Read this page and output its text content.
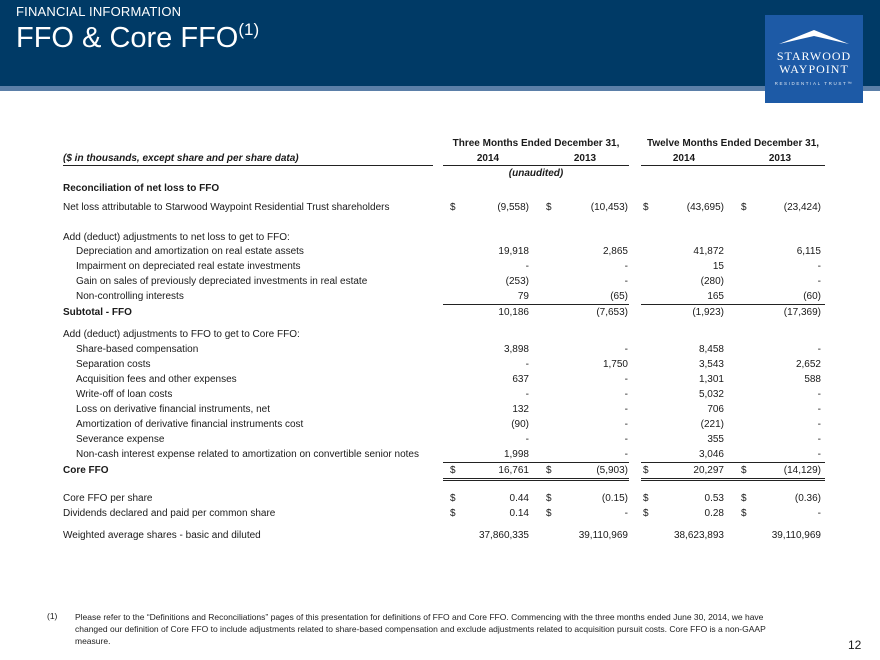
FINANCIAL INFORMATION
FFO & Core FFO$^{(1)}$
STARWOOD
WAYPOINT
RESIDENTIAL TRUST™
Three Months Ended December 31,	Twelve Months Ended December 31,
($ in thousands, except share and per share data)	2014	2013	2014	2013
(unaudited)
Reconciliation of net loss to FFO
Net loss attributable to Starwood Waypoint Residential Trust shareholders	$	(9,558) $	(10,453) $	(43,695) $	(23,424)
Add (deduct) adjustments to net loss to get to FFO:
Depreciation and amortization on real estate assets	19,918	2,865	41,872	6,115
Impairment on depreciated real estate investments	-	-	15	-
Gain on sales of previously depreciated investments in real estate	(253)	-	(280)	-
Non-controlling interests	79	(65)	165	(60)
Subtotal - FFO	10,186	(7,653)	(1,923)	(17,369)
Add (deduct) adjustments to FFO to get to Core FFO:
Share-based compensation	3,898	-	8,458	-
Separation costs	-	1,750	3,543	2,652
Acquisition fees and other expenses	637	-	1,301	588
Write-off of loan costs	-	-	5,032	-
Loss on derivative financial instruments, net	132	-	706	-
Amortization of derivative financial instruments cost	(90)	-	(221)	-
Severance expense	-	-	355	-
Non-cash interest expense related to amortization on convertible senior notes	1,998	-	3,046	-
Core FFO	$	16,761 $	(5,903) $	20,297 $	(14,129)
Core FFO per share	$	0.44 $	(0.15) $	0.53 $	(0.36)
Dividends declared and paid per common share	$	0.14 $	- $	0.28 $	-
Weighted average shares - basic and diluted	37,860,335	39,110,969	38,623,893	39,110,969
(1) Please refer to the “Definitions and Reconciliations” pages of this presentation for definitions of FFO and Core FFO. Commencing with the three months ended June 30, 2014, we have changed our definition of Core FFO to include adjustments related to share-based compensation and exclude adjustments related to acquisition pursuit costs. Core FFO is a non-GAAP measure.	12
